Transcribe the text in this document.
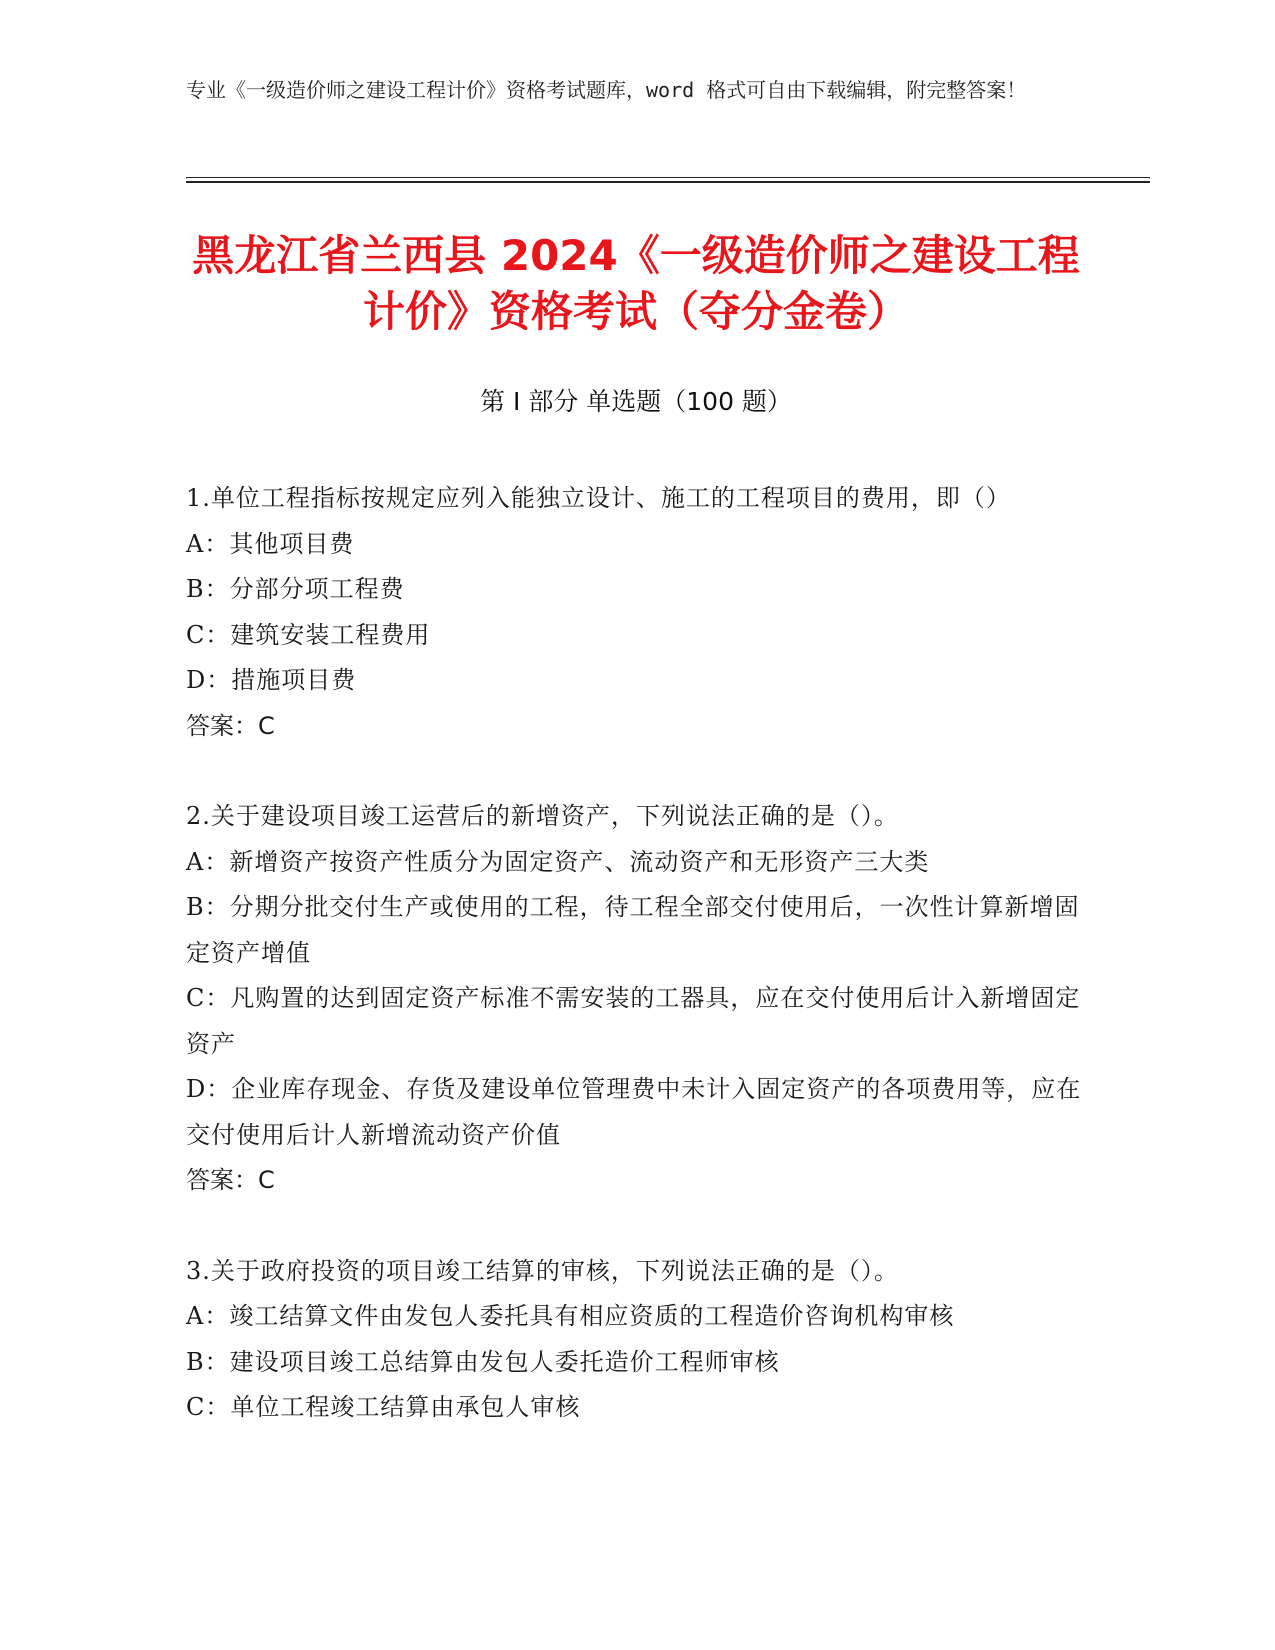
专业《一级造价师之建设工程计价》资格考试题库，word 格式可自由下载编辑，附完整答案！
黑龙江省兰西县 2024《一级造价师之建设工程计价》资格考试（夺分金卷）
第 I 部分 单选题（100 题）

1.单位工程指标按规定应列入能独立设计、施工的工程项目的费用，即（）

A：其他项目费

B：分部分项工程费

C：建筑安装工程费用

D：措施项目费

答案：C

2.关于建设项目竣工运营后的新增资产，下列说法正确的是（）。

A：新增资产按资产性质分为固定资产、流动资产和无形资产三大类

B：分期分批交付生产或使用的工程，待工程全部交付使用后，一次性计算新增固定资产增值

C：凡购置的达到固定资产标准不需安装的工器具，应在交付使用后计入新增固定资产

D：企业库存现金、存货及建设单位管理费中未计入固定资产的各项费用等，应在交付使用后计人新增流动资产价值

答案：C

3.关于政府投资的项目竣工结算的审核，下列说法正确的是（）。

A：竣工结算文件由发包人委托具有相应资质的工程造价咨询机构审核

B：建设项目竣工总结算由发包人委托造价工程师审核

C：单位工程竣工结算由承包人审核
